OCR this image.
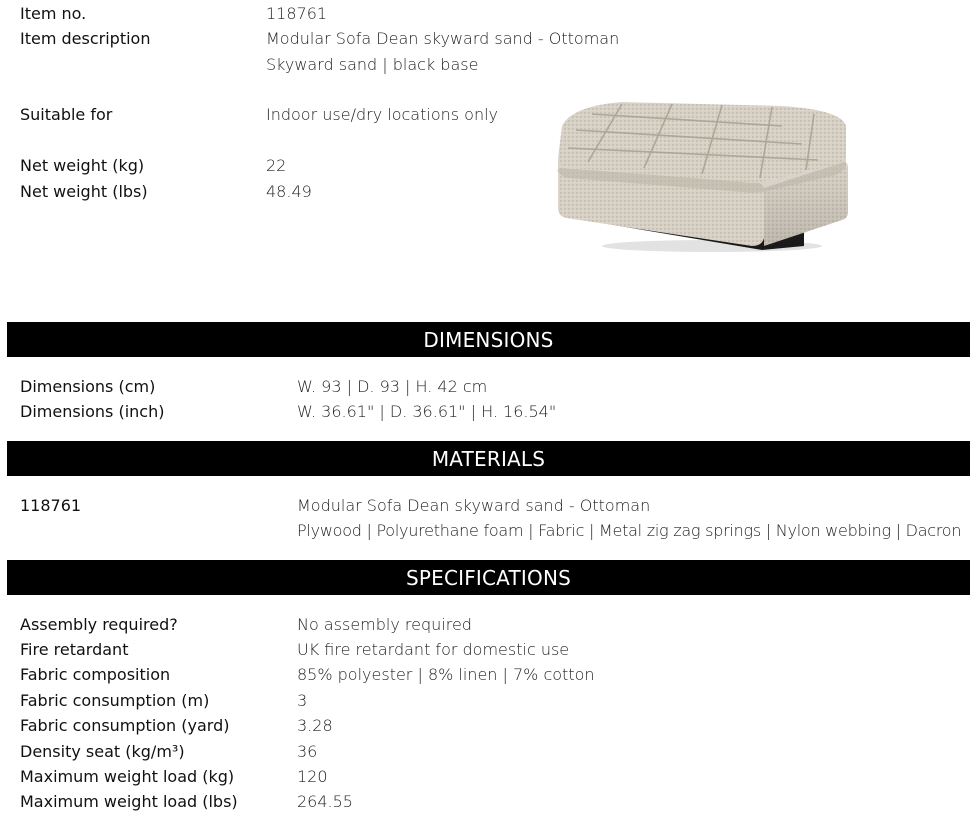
Item no.	118761
Item description	Modular Sofa Dean skyward sand - Ottoman
Skyward sand | black base
Suitable for	Indoor use/dry locations only
Net weight (kg)	22
Net weight (lbs)	48.49
DIMENSIONS
Dimensions (cm)	W. 93 | D. 93 | H. 42 cm
Dimensions (inch)	W. 36.61" | D. 36.61" | H. 16.54"
MATERIALS
118761	Modular Sofa Dean skyward sand - Ottoman
Plywood | Polyurethane foam | Fabric | Metal zig zag springs | Nylon webbing | Dacron
SPECIFICATIONS
Assembly required?	No assembly required
Fire retardant	UK fire retardant for domestic use
Fabric composition	85% polyester | 8% linen | 7% cotton
Fabric consumption (m)	3
Fabric consumption (yard)	3.28
Density seat (kg/m³)	36
Maximum weight load (kg)	120
Maximum weight load (lbs)	264.55
